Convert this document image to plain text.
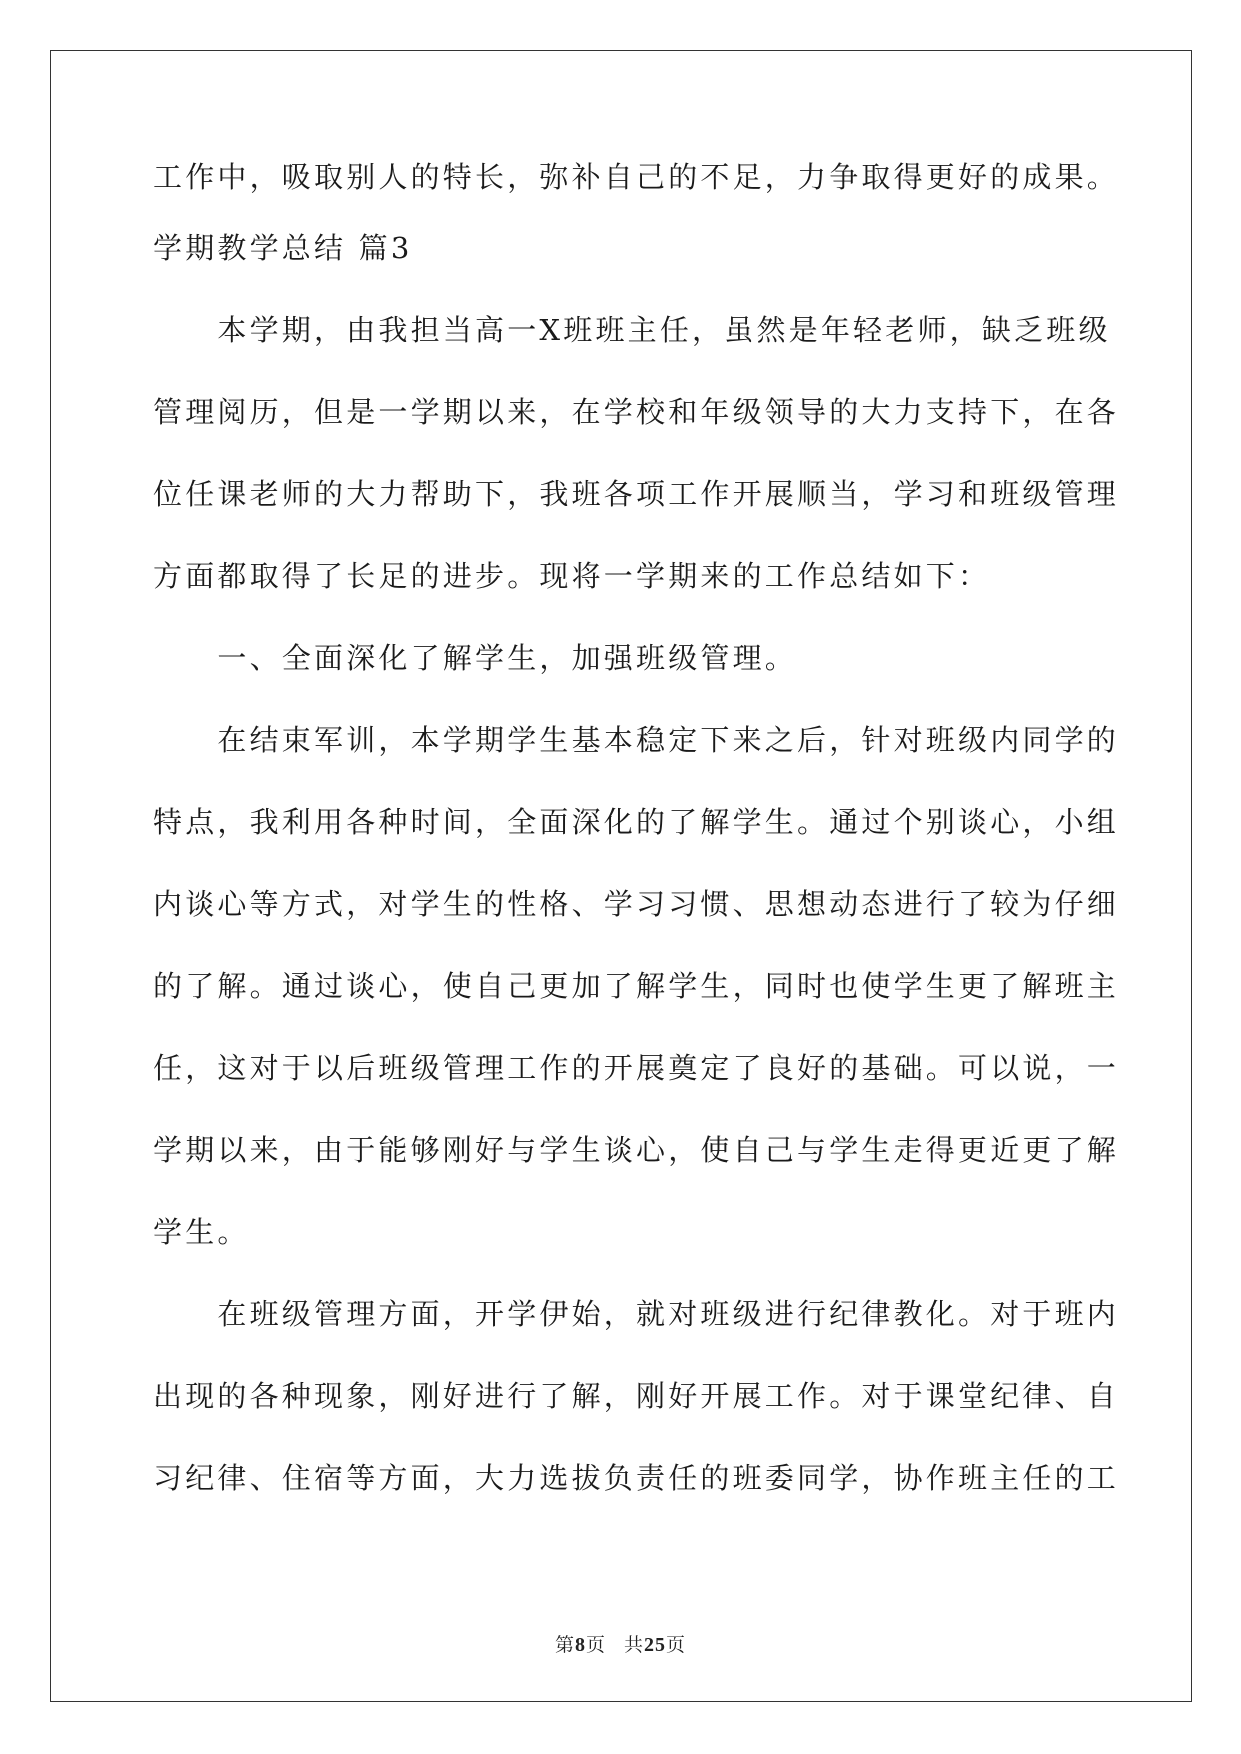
工作中，吸取别人的特长，弥补自己的不足，力争取得更好的成果。
学期教学总结 篇3
　　本学期，由我担当高一X班班主任，虽然是年轻老师，缺乏班级
管理阅历，但是一学期以来，在学校和年级领导的大力支持下，在各
位任课老师的大力帮助下，我班各项工作开展顺当，学习和班级管理
方面都取得了长足的进步。现将一学期来的工作总结如下：
　　一、全面深化了解学生，加强班级管理。
　　在结束军训，本学期学生基本稳定下来之后，针对班级内同学的
特点，我利用各种时间，全面深化的了解学生。通过个别谈心，小组
内谈心等方式，对学生的性格、学习习惯、思想动态进行了较为仔细
的了解。通过谈心，使自己更加了解学生，同时也使学生更了解班主
任，这对于以后班级管理工作的开展奠定了良好的基础。可以说，一
学期以来，由于能够刚好与学生谈心，使自己与学生走得更近更了解
学生。
　　在班级管理方面，开学伊始，就对班级进行纪律教化。对于班内
出现的各种现象，刚好进行了解，刚好开展工作。对于课堂纪律、自
习纪律、住宿等方面，大力选拔负责任的班委同学，协作班主任的工
第8页 共25页
